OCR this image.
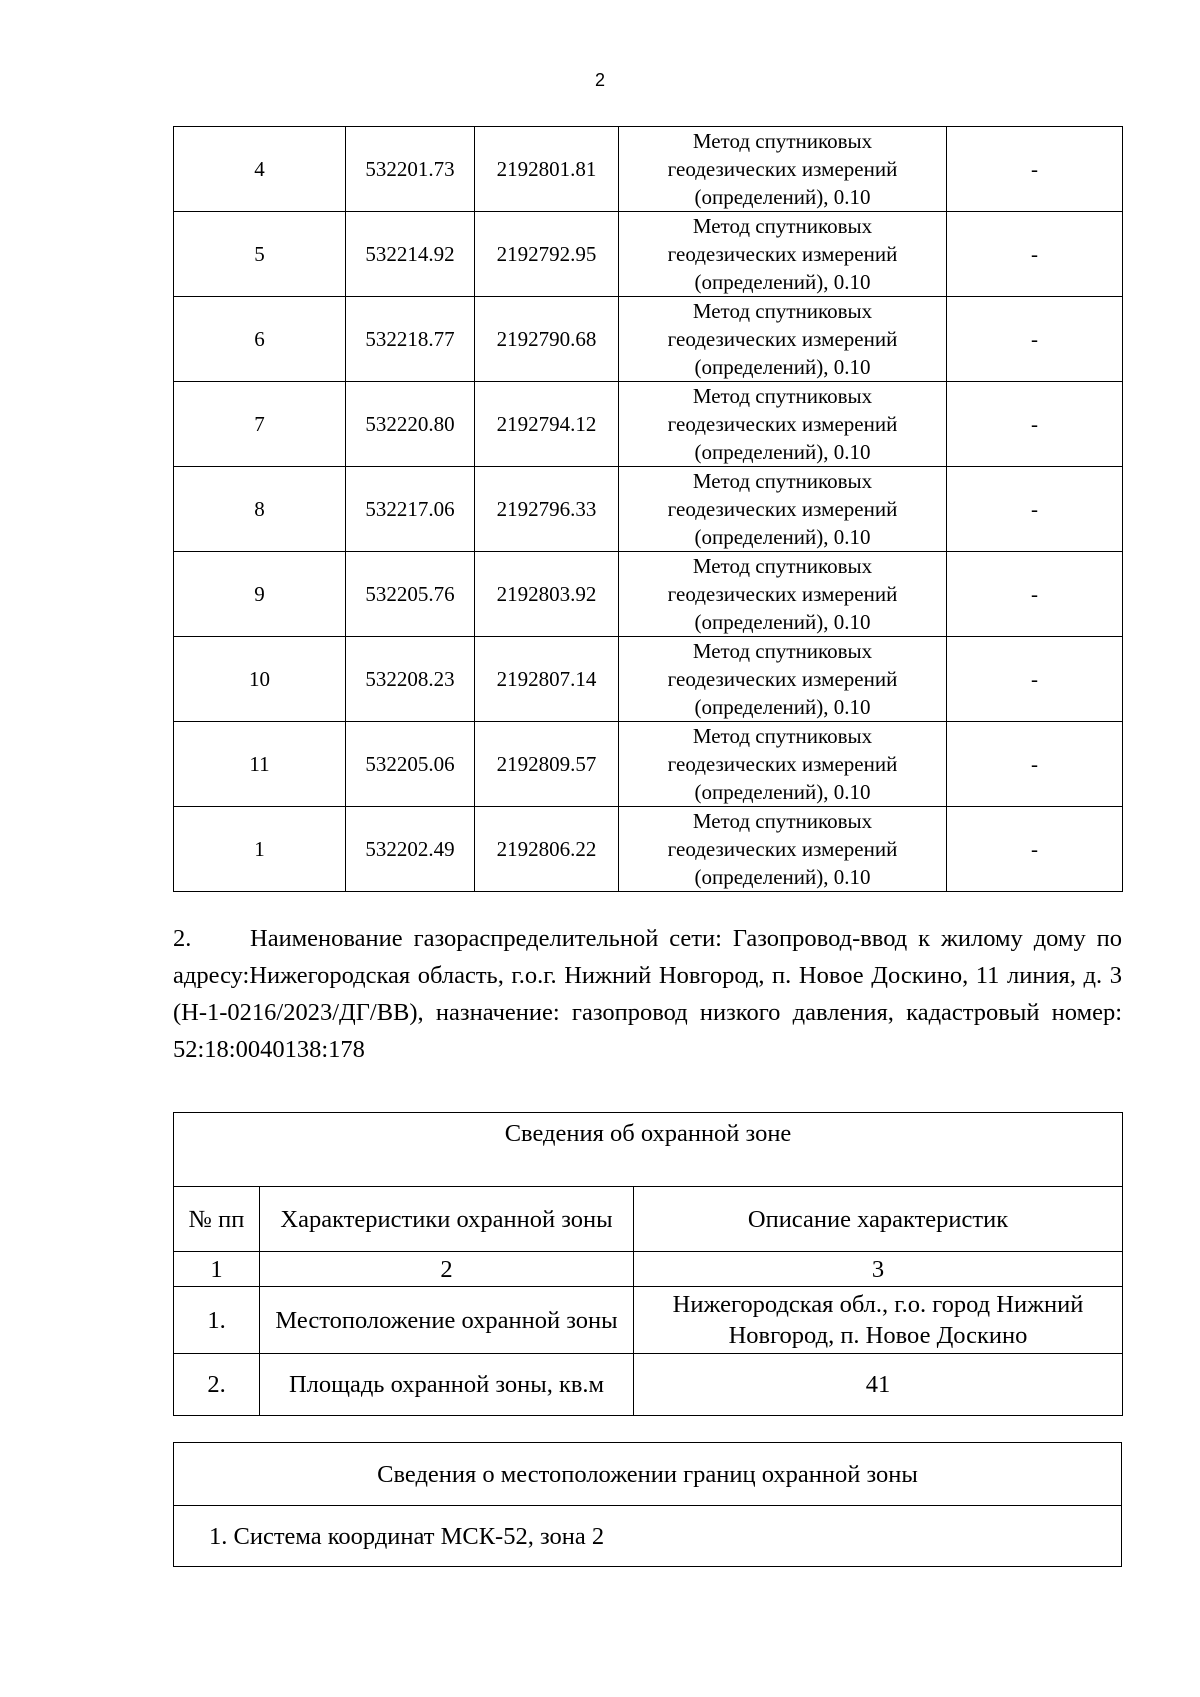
2
4	532201.73	2192801.81	Метод спутниковых
геодезических измерений
(определений), 0.10	-
5	532214.92	2192792.95	Метод спутниковых
геодезических измерений
(определений), 0.10	-
6	532218.77	2192790.68	Метод спутниковых
геодезических измерений
(определений), 0.10	-
7	532220.80	2192794.12	Метод спутниковых
геодезических измерений
(определений), 0.10	-
8	532217.06	2192796.33	Метод спутниковых
геодезических измерений
(определений), 0.10	-
9	532205.76	2192803.92	Метод спутниковых
геодезических измерений
(определений), 0.10	-
10	532208.23	2192807.14	Метод спутниковых
геодезических измерений
(определений), 0.10	-
11	532205.06	2192809.57	Метод спутниковых
геодезических измерений
(определений), 0.10	-
1	532202.49	2192806.22	Метод спутниковых
геодезических измерений
(определений), 0.10	-
2. Наименование газораспределительной сети: Газопровод-ввод к жилому дому по адресу:Нижегородская область, г.о.г. Нижний Новгород, п. Новое Доскино, 11 линия, д. 3 (Н-1-0216/2023/ДГ/ВВ), назначение: газопровод низкого давления, кадастровый номер: 52:18:0040138:178
Сведения об охранной зоне		
№ пп	Характеристики охранной зоны	Описание характеристик
1	2	3
1.	Местоположение охранной зоны	Нижегородская обл., г.о. город Нижний Новгород, п. Новое Доскино
2.	Площадь охранной зоны, кв.м	41
Сведения о местоположении границ охранной зоны
1. Система координат МСК-52, зона 2
